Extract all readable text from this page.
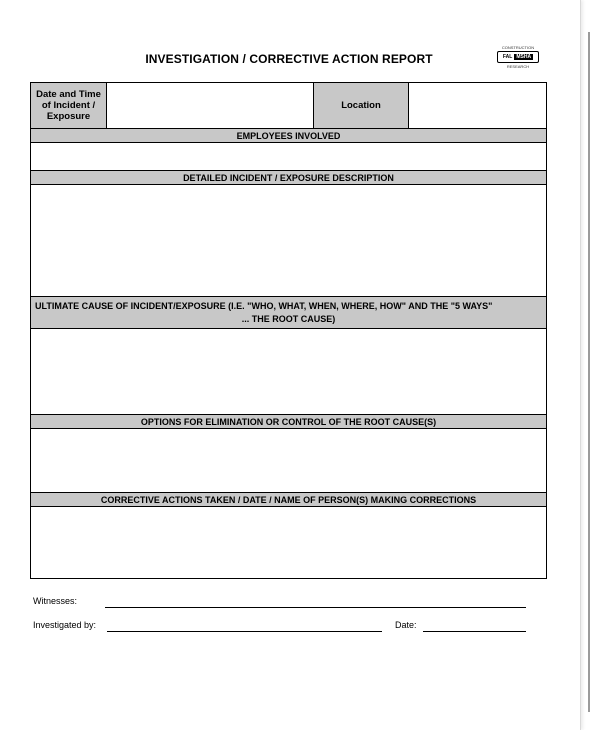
INVESTIGATION / CORRECTIVE ACTION REPORT
CONSTRUCTION
FAL MSHA
RESEARCH
Date and Time of Incident / Exposure		Location	
EMPLOYEES INVOLVED

DETAILED INCIDENT / EXPOSURE DESCRIPTION

ULTIMATE CAUSE OF INCIDENT/EXPOSURE (I.E. "WHO, WHAT, WHEN, WHERE, HOW" AND THE "5 WAYS"
... THE ROOT CAUSE)

OPTIONS FOR ELIMINATION OR CONTROL OF THE ROOT CAUSE(S)

CORRECTIVE ACTIONS TAKEN / DATE / NAME OF PERSON(S) MAKING CORRECTIONS

Witnesses:
Investigated by:	Date:
